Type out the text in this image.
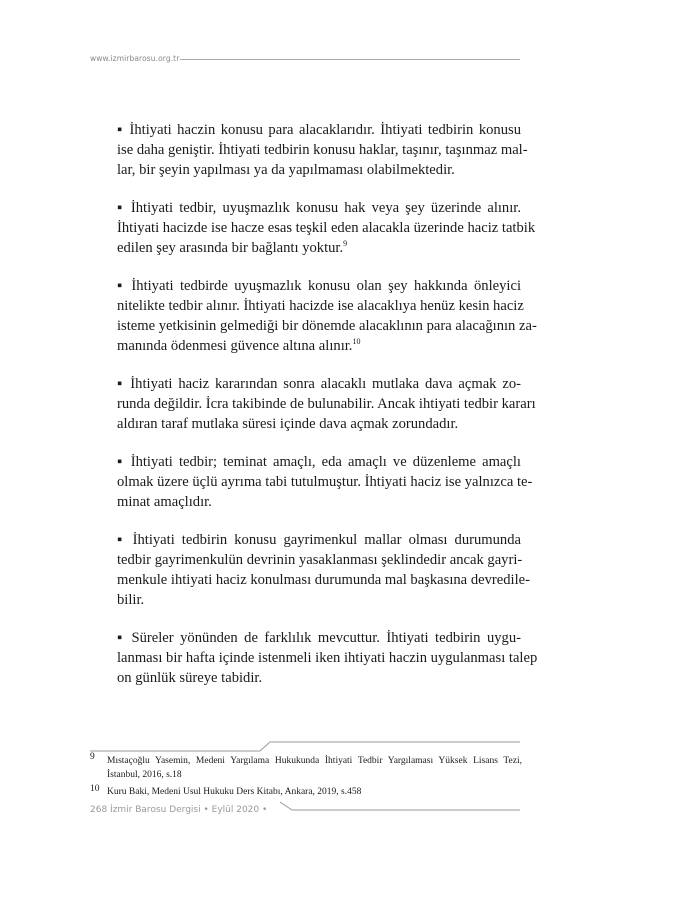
www.izmirbarosu.org.tr
▪ İhtiyati haczin konusu para alacaklarıdır. İhtiyati tedbirin konusu
ise daha geniştir. İhtiyati tedbirin konusu haklar, taşınır, taşınmaz mal-
lar, bir şeyin yapılması ya da yapılmaması olabilmektedir.
▪ İhtiyati tedbir, uyuşmazlık konusu hak veya şey üzerinde alınır.
İhtiyati hacizde ise hacze esas teşkil eden alacakla üzerinde haciz tatbik
edilen şey arasında bir bağlantı yoktur.$^9$
▪ İhtiyati tedbirde uyuşmazlık konusu olan şey hakkında önleyici
nitelikte tedbir alınır. İhtiyati hacizde ise alacaklıya henüz kesin haciz
isteme yetkisinin gelmediği bir dönemde alacaklının para alacağının za-
manında ödenmesi güvence altına alınır.$^{10}$
▪ İhtiyati haciz kararından sonra alacaklı mutlaka dava açmak zo-
runda değildir. İcra takibinde de bulunabilir. Ancak ihtiyati tedbir kararı
aldıran taraf mutlaka süresi içinde dava açmak zorundadır.
▪ İhtiyati tedbir; teminat amaçlı, eda amaçlı ve düzenleme amaçlı
olmak üzere üçlü ayrıma tabi tutulmuştur. İhtiyati haciz ise yalnızca te-
minat amaçlıdır.
▪ İhtiyati tedbirin konusu gayrimenkul mallar olması durumunda
tedbir gayrimenkulün devrinin yasaklanması şeklindedir ancak gayri-
menkule ihtiyati haciz konulması durumunda mal başkasına devredile-
bilir.
▪ Süreler yönünden de farklılık mevcuttur. İhtiyati tedbirin uygu-
lanması bir hafta içinde istenmeli iken ihtiyati haczin uygulanması talep
on günlük süreye tabidir.
9	Mıstaçoğlu Yasemin, Medeni Yargılama Hukukunda İhtiyati Tedbir Yargılaması Yüksek Lisans Tezi, İstanbul, 2016, s.18
10 Kuru Baki, Medeni Usul Hukuku Ders Kitabı, Ankara, 2019, s.458
268 İzmir Barosu Dergisi • Eylül 2020 •
